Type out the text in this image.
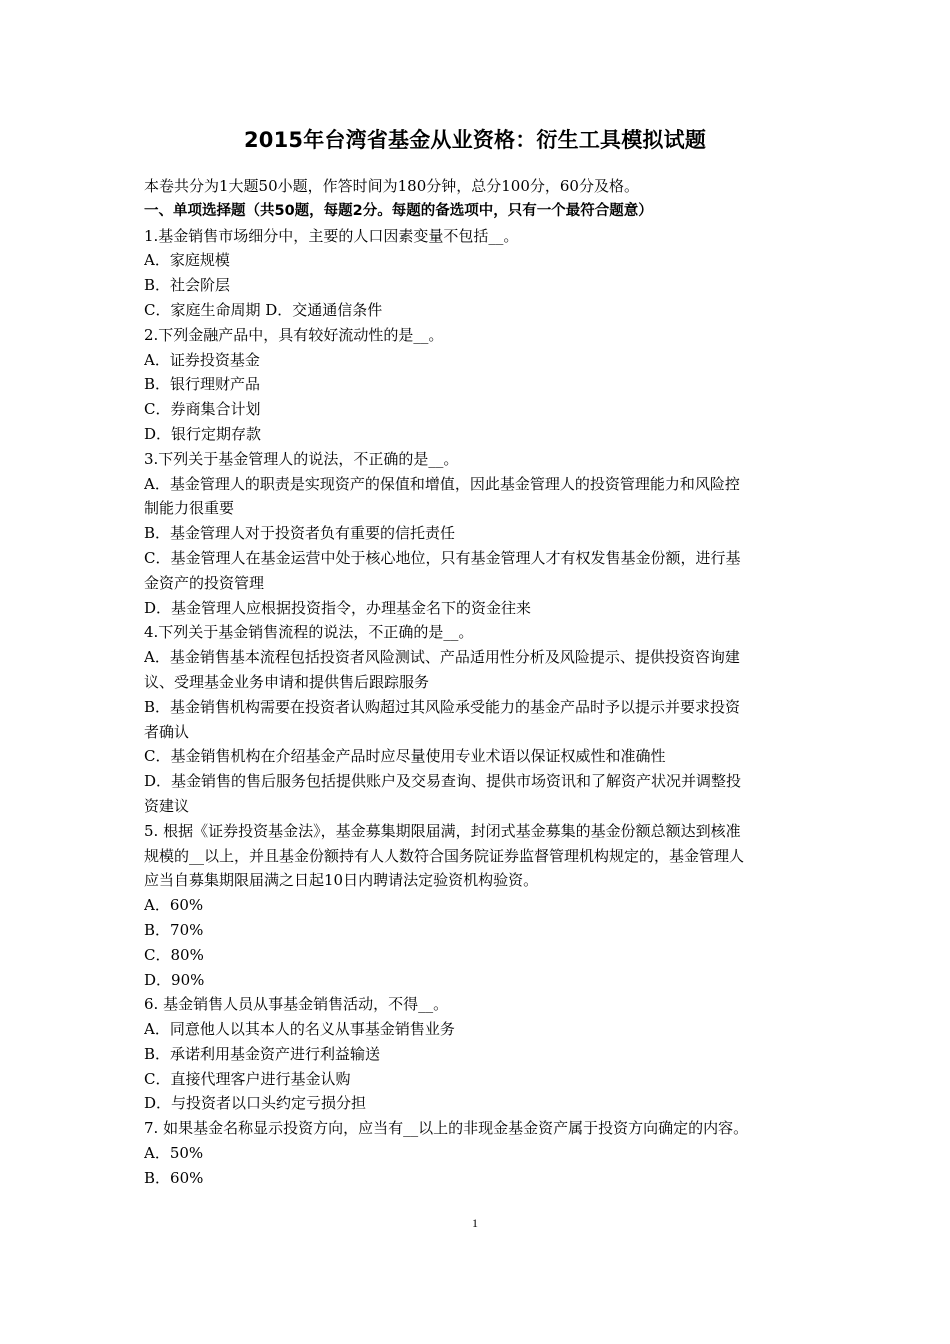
2015年台湾省基金从业资格：衍生工具模拟试题
本卷共分为1大题50小题，作答时间为180分钟，总分100分，60分及格。
一、单项选择题（共50题，每题2分。每题的备选项中，只有一个最符合题意）
1.基金销售市场细分中，主要的人口因素变量不包括__。
A．家庭规模
B．社会阶层
C．家庭生命周期 D．交通通信条件
2.下列金融产品中，具有较好流动性的是__。
A．证券投资基金
B．银行理财产品
C．券商集合计划
D．银行定期存款
3.下列关于基金管理人的说法，不正确的是__。
A．基金管理人的职责是实现资产的保值和增值，因此基金管理人的投资管理能力和风险控
制能力很重要
B．基金管理人对于投资者负有重要的信托责任
C．基金管理人在基金运营中处于核心地位，只有基金管理人才有权发售基金份额，进行基
金资产的投资管理
D．基金管理人应根据投资指令，办理基金名下的资金往来
4.下列关于基金销售流程的说法，不正确的是__。
A．基金销售基本流程包括投资者风险测试、产品适用性分析及风险提示、提供投资咨询建
议、受理基金业务申请和提供售后跟踪服务
B．基金销售机构需要在投资者认购超过其风险承受能力的基金产品时予以提示并要求投资
者确认
C．基金销售机构在介绍基金产品时应尽量使用专业术语以保证权威性和准确性
D．基金销售的售后服务包括提供账户及交易查询、提供市场资讯和了解资产状况并调整投
资建议
5. 根据《证券投资基金法》，基金募集期限届满，封闭式基金募集的基金份额总额达到核准
规模的__以上，并且基金份额持有人人数符合国务院证券监督管理机构规定的，基金管理人
应当自募集期限届满之日起10日内聘请法定验资机构验资。
A．60%
B．70%
C．80%
D．90%
6. 基金销售人员从事基金销售活动，不得__。
A．同意他人以其本人的名义从事基金销售业务
B．承诺利用基金资产进行利益输送
C．直接代理客户进行基金认购
D．与投资者以口头约定亏损分担
7. 如果基金名称显示投资方向，应当有__以上的非现金基金资产属于投资方向确定的内容。
A．50%
B．60%
1
